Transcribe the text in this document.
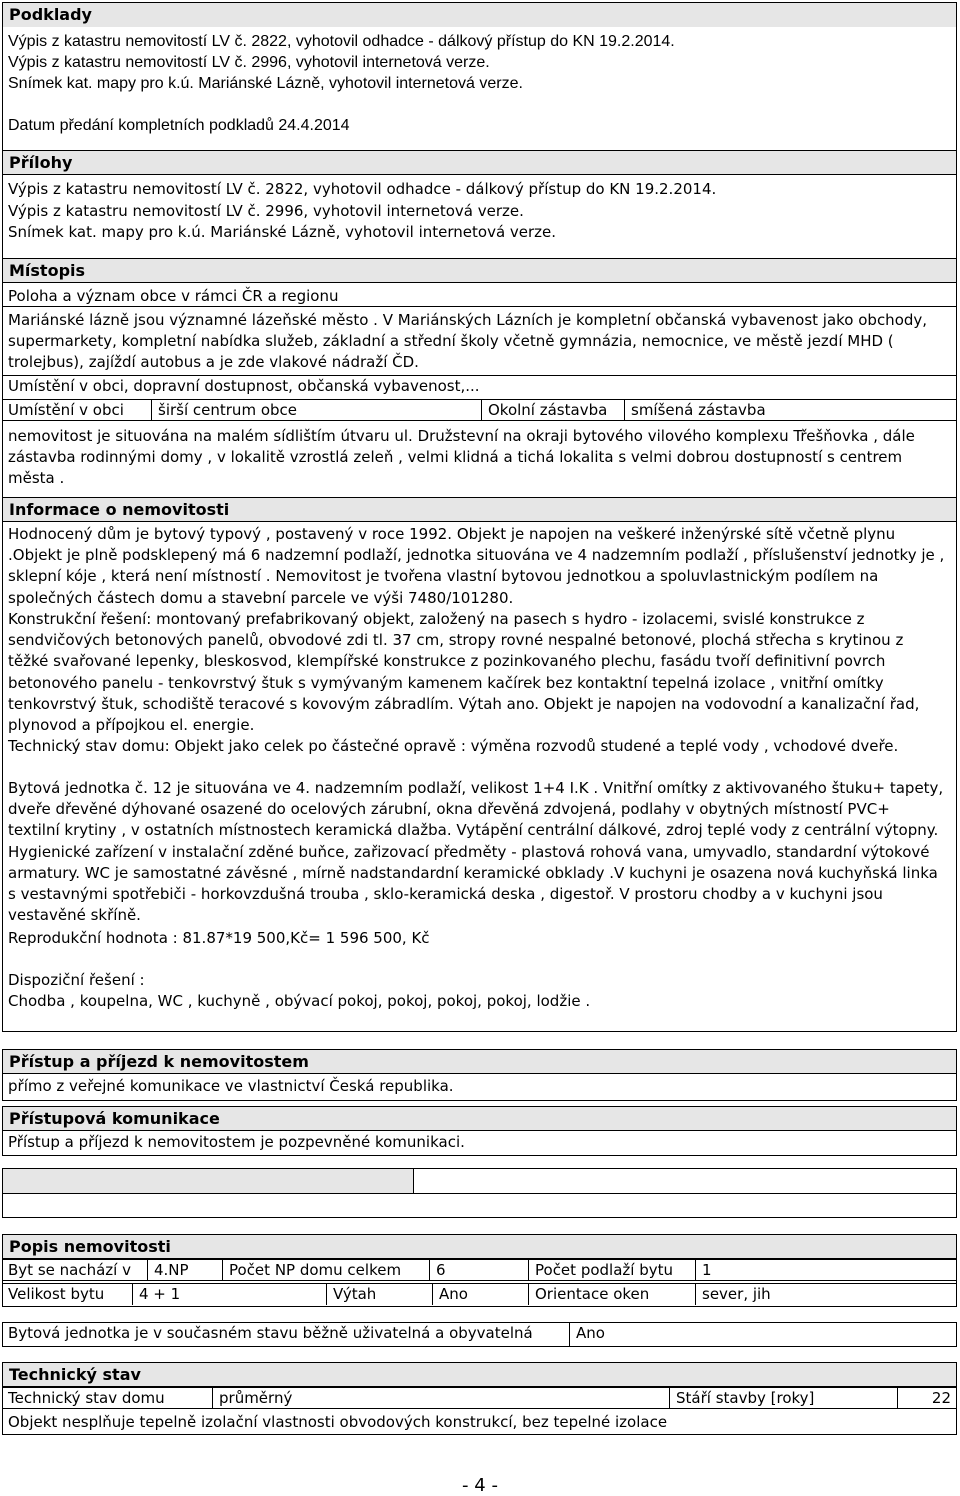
Podklady
Výpis z katastru nemovitostí LV č. 2822, vyhotovil odhadce - dálkový přístup do KN 19.2.2014.
Výpis z katastru nemovitostí LV č. 2996, vyhotovil internetová verze.
Snímek kat. mapy pro k.ú. Mariánské Lázně, vyhotovil internetová verze.
Datum předání kompletních podkladů 24.4.2014
Přílohy
Výpis z katastru nemovitostí LV č. 2822, vyhotovil odhadce - dálkový přístup do KN 19.2.2014.
Výpis z katastru nemovitostí LV č. 2996, vyhotovil internetová verze.
Snímek kat. mapy pro k.ú. Mariánské Lázně, vyhotovil internetová verze.
Místopis
Poloha a význam obce v rámci ČR a regionu
Mariánské lázně jsou významné lázeňské město . V Mariánských Lázních je kompletní občanská vybavenost jako obchody, supermarkety, kompletní nabídka služeb, základní a střední školy včetně gymnázia, nemocnice, ve městě jezdí MHD ( trolejbus), zajíždí autobus a je zde vlakové nádraží ČD.
Umístění v obci, dopravní dostupnost, občanská vybavenost,...
Umístění v obci	širší centrum obce	Okolní zástavba	smíšená zástavba
nemovitost je situována na malém sídlištím útvaru ul. Družstevní na okraji bytového vilového komplexu Třešňovka , dále zástavba rodinnými domy , v lokalitě vzrostlá zeleň , velmi klidná a tichá lokalita s velmi dobrou dostupností s centrem města .
Informace o nemovitosti
Hodnocený dům je bytový typový , postavený v roce 1992. Objekt je napojen na veškeré inženýrské sítě včetně plynu .Objekt je plně podsklepený má 6 nadzemní podlaží, jednotka situována ve 4 nadzemním podlaží , příslušenství jednotky je , sklepní kóje , která není místností . Nemovitost je tvořena vlastní bytovou jednotkou a spoluvlastnickým podílem na společných částech domu a stavební parcele ve výši 7480/101280.
Konstrukční řešení: montovaný prefabrikovaný objekt, založený na pasech s hydro - izolacemi, svislé konstrukce z sendvičových betonových panelů, obvodové zdi tl. 37 cm, stropy rovné nespalné betonové, plochá střecha s krytinou z těžké svařované lepenky, bleskosvod, klempířské konstrukce z pozinkovaného plechu, fasádu tvoří definitivní povrch betonového panelu - tenkovrstvý štuk s vymývaným kamenem kačírek bez kontaktní tepelná izolace , vnitřní omítky tenkovrstvý štuk, schodiště teracové s kovovým zábradlím. Výtah ano. Objekt je napojen na vodovodní a kanalizační řad, plynovod a přípojkou el. energie.
Technický stav domu: Objekt jako celek po částečné opravě : výměna rozvodů studené a teplé vody , vchodové dveře.
Bytová jednotka č. 12 je situována ve 4. nadzemním podlaží, velikost 1+4 I.K . Vnitřní omítky z aktivovaného štuku+ tapety, dveře dřevěné dýhované osazené do ocelových zárubní, okna dřevěná zdvojená, podlahy v obytných místností PVC+ textilní krytiny , v ostatních místnostech keramická dlažba. Vytápění centrální dálkové, zdroj teplé vody z centrální výtopny. Hygienické zařízení v instalační zděné buňce, zařizovací předměty - plastová rohová vana, umyvadlo, standardní výtokové armatury. WC je samostatné závěsné , mírně nadstandardní keramické obklady .V kuchyni je osazena nová kuchyňská linka s vestavnými spotřebiči - horkovzdušná trouba , sklo-keramická deska , digestoř. V prostoru chodby a v kuchyni jsou vestavěné skříně.
Reprodukční hodnota : 81.87*19 500,Kč= 1 596 500, Kč
Dispoziční řešení :
Chodba , koupelna, WC , kuchyně , obývací pokoj, pokoj, pokoj, pokoj, lodžie .
Přístup a příjezd k nemovitostem
přímo z veřejné komunikace ve vlastnictví Česká republika.
Přístupová komunikace
Přístup a příjezd k nemovitostem je pozpevněné komunikaci.
Popis nemovitosti
Byt se nachází v	4.NP	Počet NP domu celkem	6	Počet podlaží bytu	1
Velikost bytu	4 + 1	Výtah	Ano	Orientace oken	sever, jih
Bytová jednotka je v současném stavu běžně uživatelná a obyvatelná	Ano
Technický stav
Technický stav domu	průměrný	Stáří stavby [roky]	22
Objekt nesplňuje tepelně izolační vlastnosti obvodových konstrukcí, bez tepelné izolace
- 4 -
